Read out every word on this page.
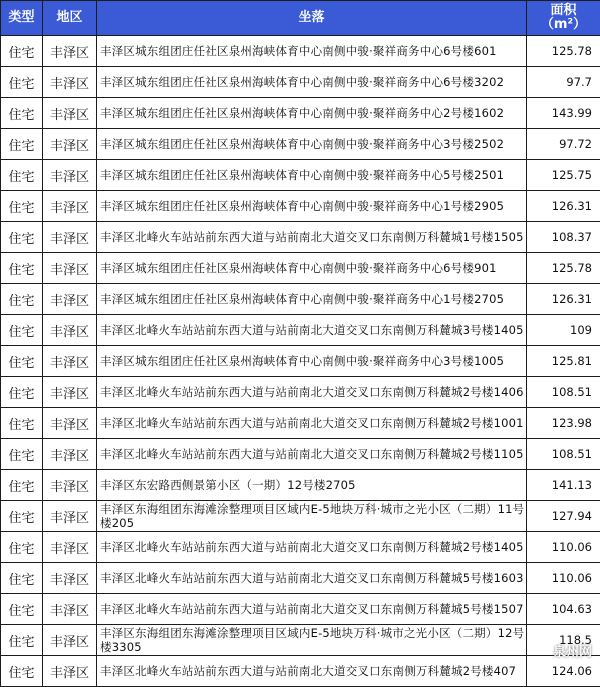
类型	地区	坐落	面积
（m²）
住宅	丰泽区	丰泽区城东组团庄任社区泉州海峡体育中心南侧中骏·聚祥商务中心6号楼601	125.78
住宅	丰泽区	丰泽区城东组团庄任社区泉州海峡体育中心南侧中骏·聚祥商务中心6号楼3202	97.7
住宅	丰泽区	丰泽区城东组团庄任社区泉州海峡体育中心南侧中骏·聚祥商务中心2号楼1602	143.99
住宅	丰泽区	丰泽区城东组团庄任社区泉州海峡体育中心南侧中骏·聚祥商务中心3号楼2502	97.72
住宅	丰泽区	丰泽区城东组团庄任社区泉州海峡体育中心南侧中骏·聚祥商务中心5号楼2501	125.75
住宅	丰泽区	丰泽区城东组团庄任社区泉州海峡体育中心南侧中骏·聚祥商务中心1号楼2905	126.31
住宅	丰泽区	丰泽区北峰火车站站前东西大道与站前南北大道交叉口东南侧万科麓城1号楼1505	108.37
住宅	丰泽区	丰泽区城东组团庄任社区泉州海峡体育中心南侧中骏·聚祥商务中心6号楼901	125.78
住宅	丰泽区	丰泽区城东组团庄任社区泉州海峡体育中心南侧中骏·聚祥商务中心1号楼2705	126.31
住宅	丰泽区	丰泽区北峰火车站站前东西大道与站前南北大道交叉口东南侧万科麓城3号楼1405	109
住宅	丰泽区	丰泽区城东组团庄任社区泉州海峡体育中心南侧中骏·聚祥商务中心3号楼1005	125.81
住宅	丰泽区	丰泽区北峰火车站站前东西大道与站前南北大道交叉口东南侧万科麓城2号楼1406	108.51
住宅	丰泽区	丰泽区北峰火车站站前东西大道与站前南北大道交叉口东南侧万科麓城2号楼1001	123.98
住宅	丰泽区	丰泽区北峰火车站站前东西大道与站前南北大道交叉口东南侧万科麓城2号楼1105	108.51
住宅	丰泽区	丰泽区东宏路西侧景第小区（一期）12号楼2705	141.13
住宅	丰泽区	丰泽区东海组团东海滩涂整理项目区域内E-5地块万科·城市之光小区（二期）11号楼205	127.94
住宅	丰泽区	丰泽区北峰火车站站前东西大道与站前南北大道交叉口东南侧万科麓城2号楼1405	110.06
住宅	丰泽区	丰泽区北峰火车站站前东西大道与站前南北大道交叉口东南侧万科麓城5号楼1603	110.06
住宅	丰泽区	丰泽区北峰火车站站前东西大道与站前南北大道交叉口东南侧万科麓城5号楼1507	104.63
住宅	丰泽区	丰泽区东海组团东海滩涂整理项目区域内E-5地块万科·城市之光小区（二期）12号楼3305	118.5
住宅	丰泽区	丰泽区北峰火车站站前东西大道与站前南北大道交叉口东南侧万科麓城2号楼407	124.06
泉州网
